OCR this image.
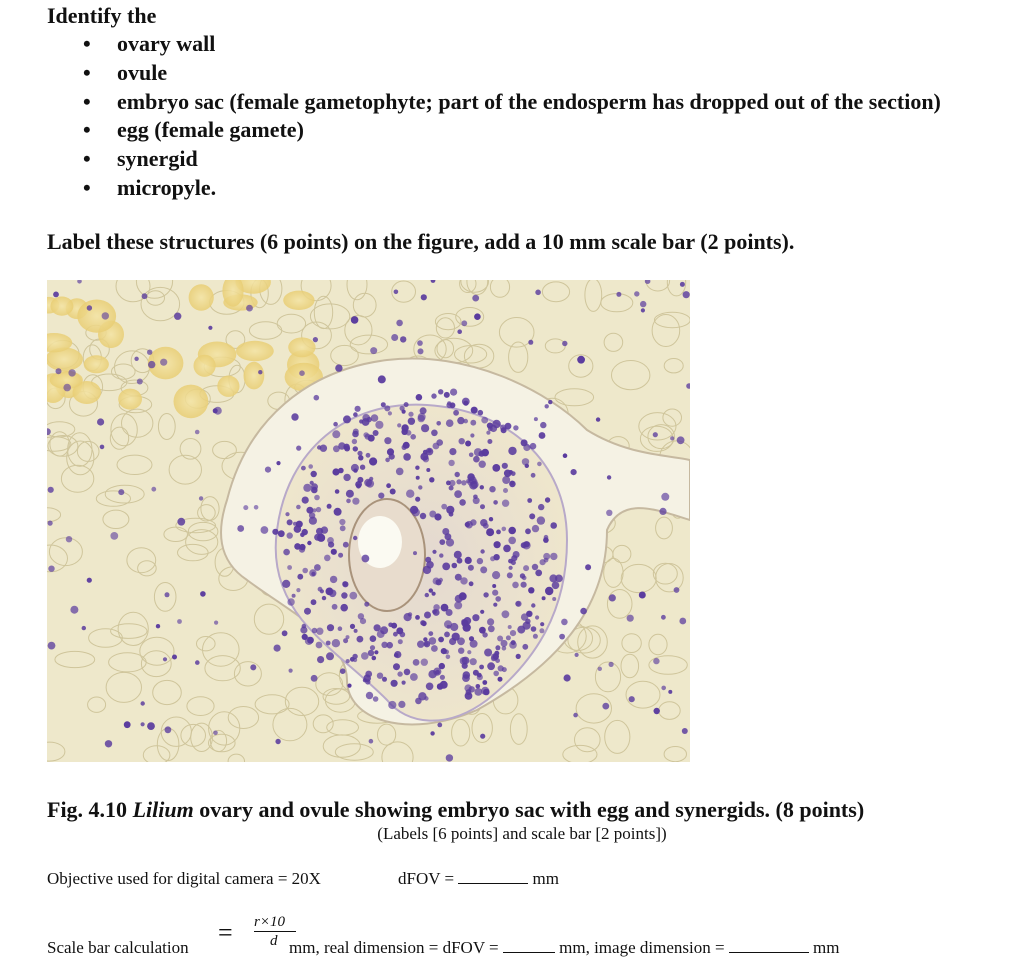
Identify the
• ovary wall
• ovule
• embryo sac (female gametophyte; part of the endosperm has dropped out of the section)
• egg (female gamete)
• synergid
• micropyle.
Label these structures (6 points) on the figure, add a 10 mm scale bar (2 points).
Fig. 4.10 Lilium ovary and ovule showing embryo sac with egg and synergids. (8 points)
(Labels [6 points] and scale bar [2 points])
Objective used for digital camera = 20X	dFOV =	mm
Scale bar calculation
= r×10
d mm, real dimension = dFOV =	mm, image dimension =	mm
